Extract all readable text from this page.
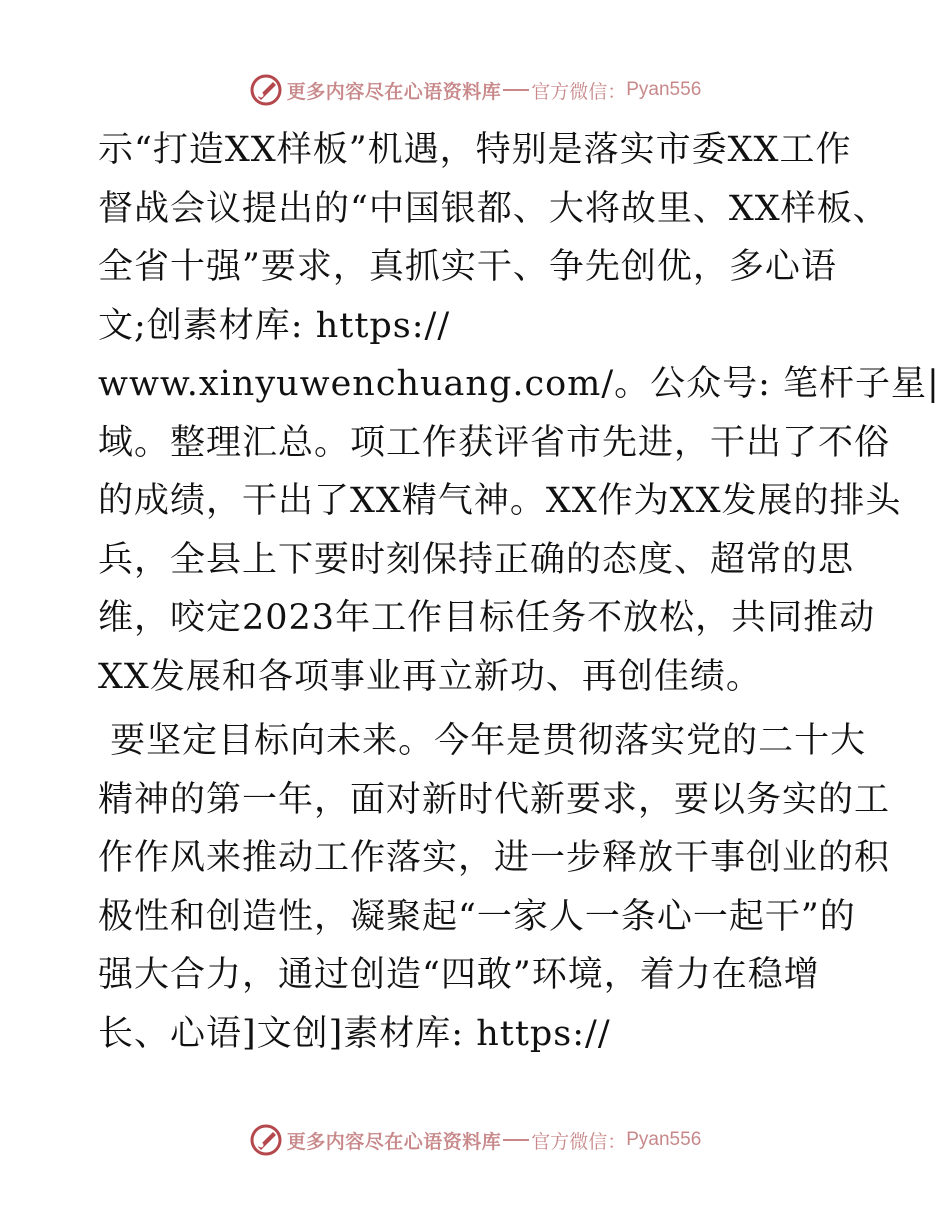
更多内容尽在心语资料库 官方微信： Pyan556
示“打造XX样板”机遇，特别是落实市委XX工作
督战会议提出的“中国银都、大将故里、XX样板、
全省十强”要求，真抓实干、争先创优，多心语
文;创素材库: https://
www.xinyuwenchuang.com/。公众号: 笔杆子星|
域。整理汇总。项工作获评省市先进，干出了不俗
的成绩，干出了XX精气神。XX作为XX发展的排头
兵，全县上下要时刻保持正确的态度、超常的思
维，咬定2023年工作目标任务不放松，共同推动
XX发展和各项事业再立新功、再创佳绩。
要坚定目标向未来。今年是贯彻落实党的二十大
精神的第一年，面对新时代新要求，要以务实的工
作作风来推动工作落实，进一步释放干事创业的积
极性和创造性，凝聚起“一家人一条心一起干”的
强大合力，通过创造“四敢”环境，着力在稳增
长、心语]文创]素材库: https://
更多内容尽在心语资料库 官方微信： Pyan556
